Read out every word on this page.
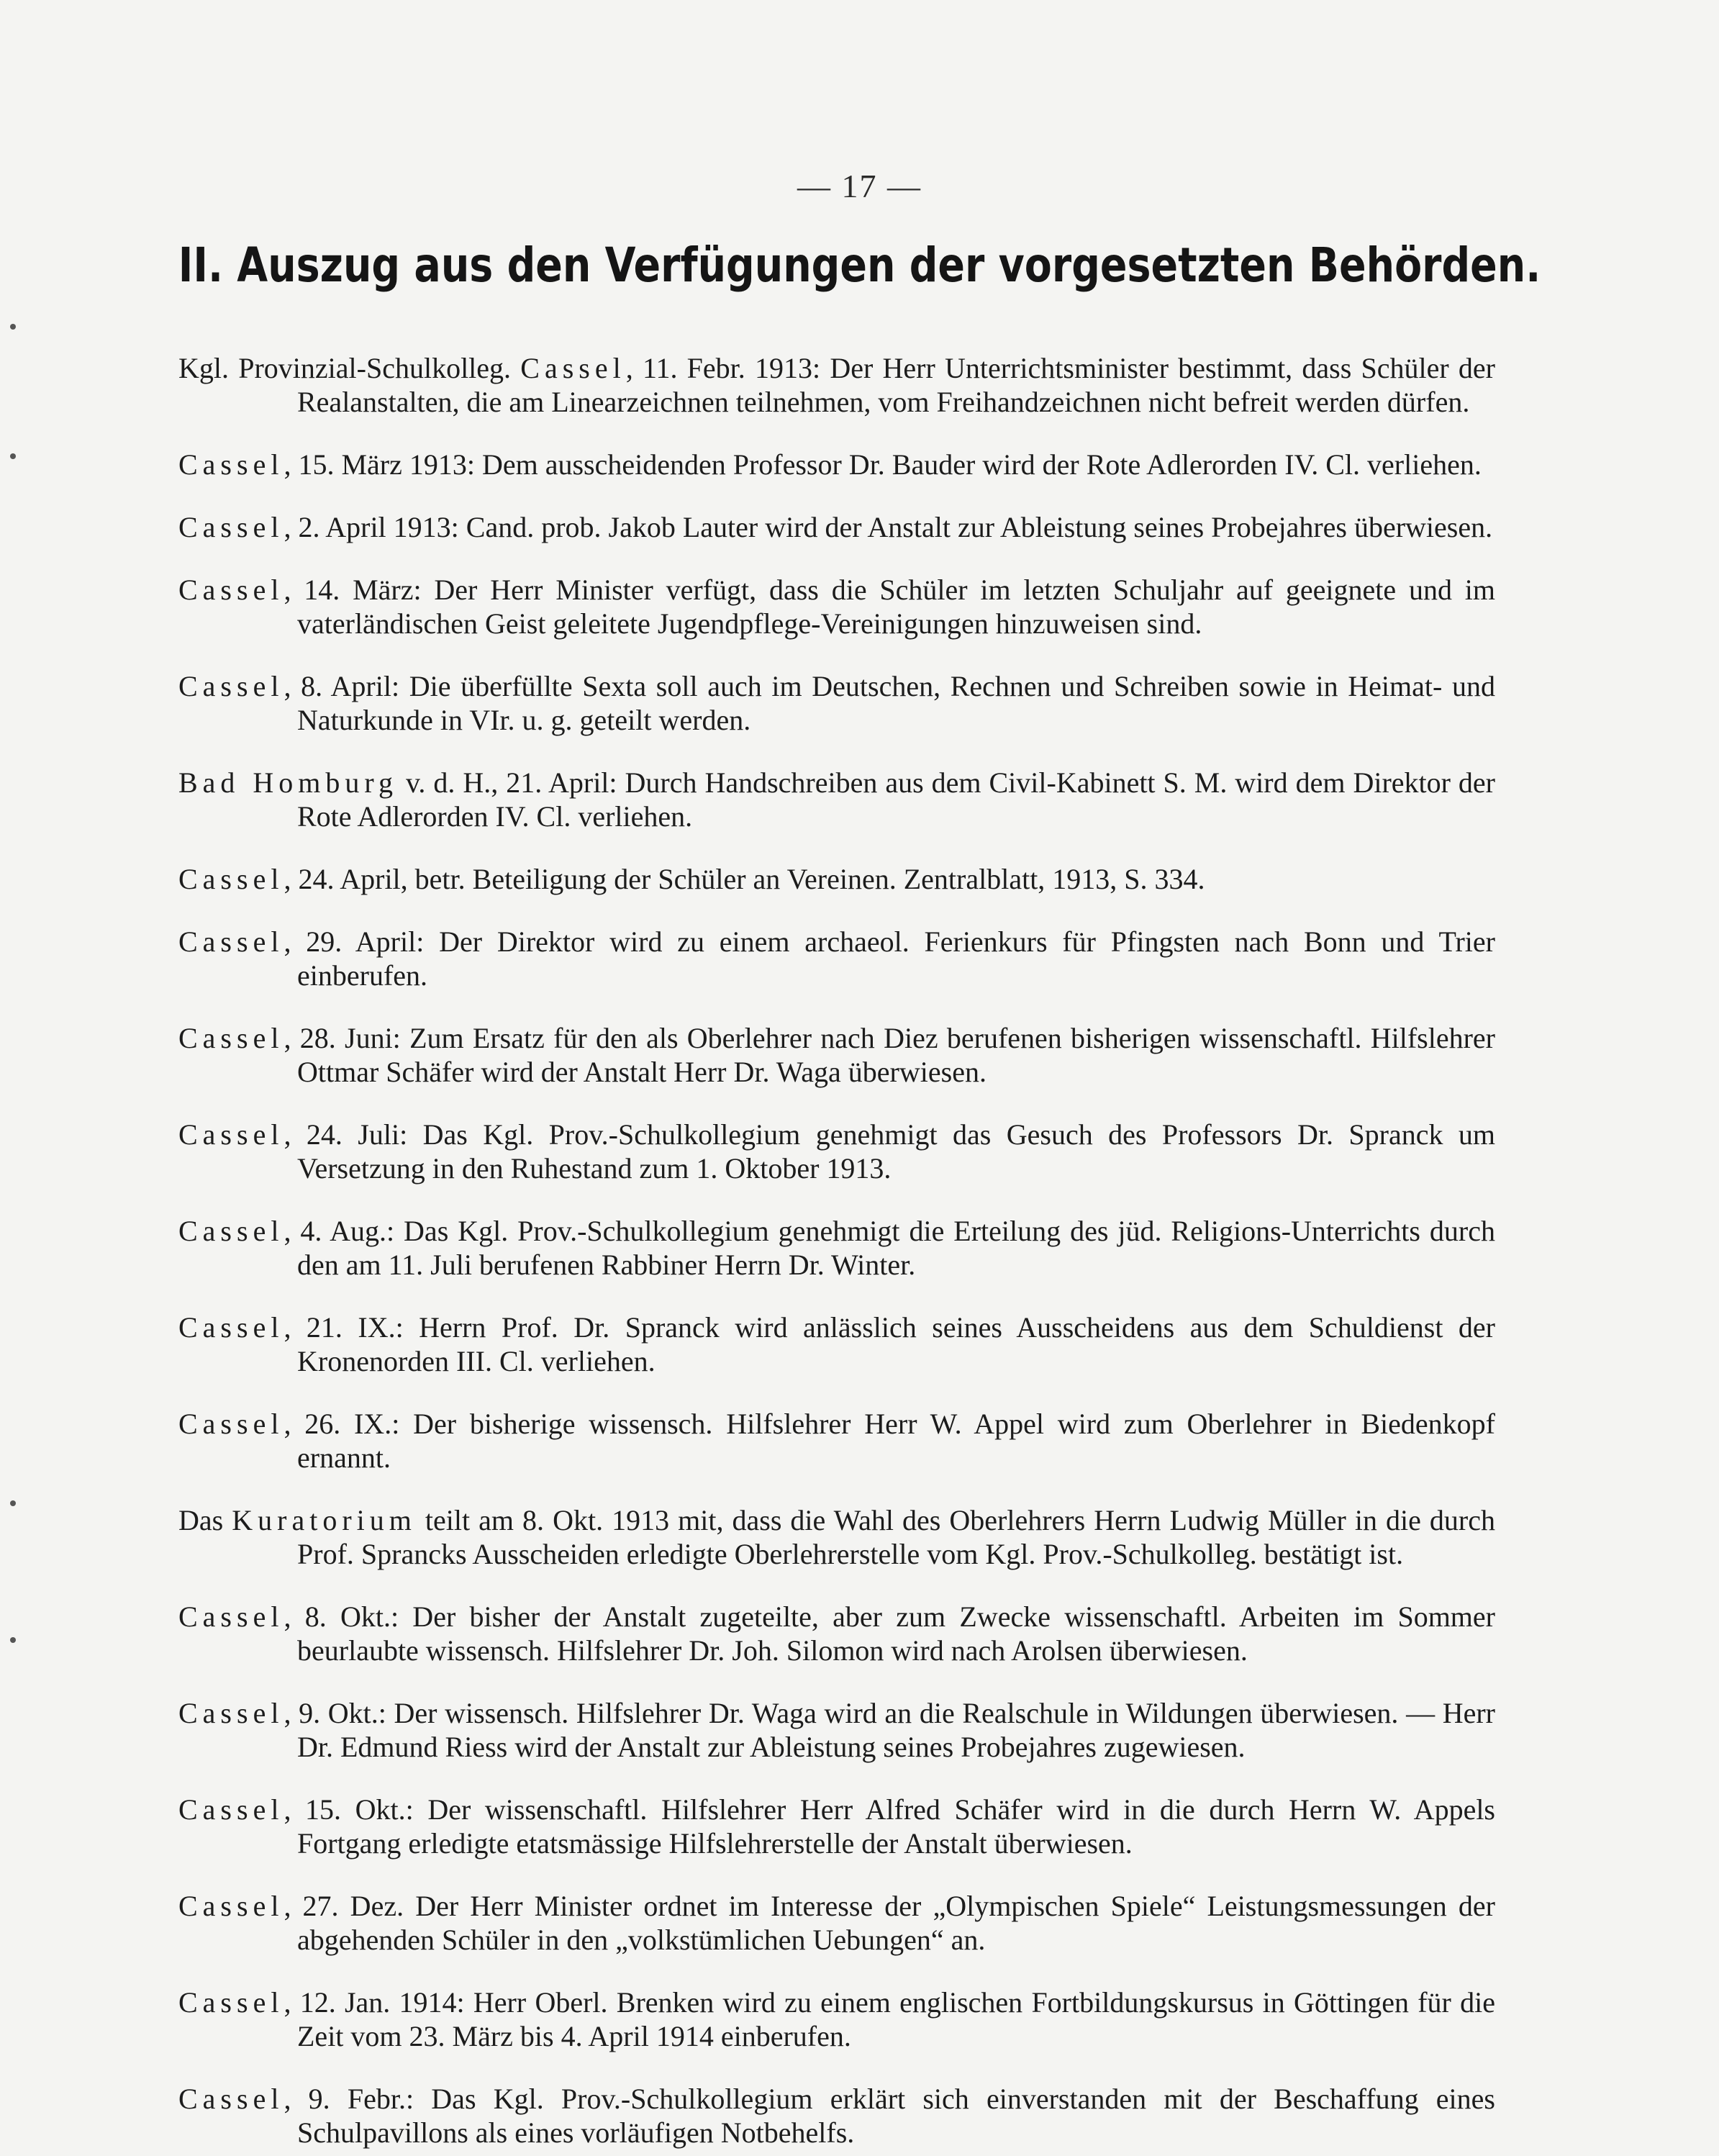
— 17 —
II. Auszug aus den Verfügungen der vorgesetzten Behörden.

Kgl. Provinzial-Schulkolleg. Cassel, 11. Febr. 1913: Der Herr Unterrichtsminister bestimmt, dass Schüler der Realanstalten, die am Linearzeichnen teilnehmen, vom Freihandzeichnen nicht befreit werden dürfen.

Cassel, 15. März 1913: Dem ausscheidenden Professor Dr. Bauder wird der Rote Adlerorden IV. Cl. verliehen.

Cassel, 2. April 1913: Cand. prob. Jakob Lauter wird der Anstalt zur Ableistung seines Probejahres überwiesen.

Cassel, 14. März: Der Herr Minister verfügt, dass die Schüler im letzten Schuljahr auf geeignete und im vaterländischen Geist geleitete Jugendpflege-Vereinigungen hinzuweisen sind.

Cassel, 8. April: Die überfüllte Sexta soll auch im Deutschen, Rechnen und Schreiben sowie in Heimat- und Naturkunde in VIr. u. g. geteilt werden.

Bad Homburg v. d. H., 21. April: Durch Handschreiben aus dem Civil-Kabinett S. M. wird dem Direktor der Rote Adlerorden IV. Cl. verliehen.

Cassel, 24. April, betr. Beteiligung der Schüler an Vereinen. Zentralblatt, 1913, S. 334.

Cassel, 29. April: Der Direktor wird zu einem archaeol. Ferienkurs für Pfingsten nach Bonn und Trier einberufen.

Cassel, 28. Juni: Zum Ersatz für den als Oberlehrer nach Diez berufenen bisherigen wissenschaftl. Hilfslehrer Ottmar Schäfer wird der Anstalt Herr Dr. Waga überwiesen.

Cassel, 24. Juli: Das Kgl. Prov.-Schulkollegium genehmigt das Gesuch des Professors Dr. Spranck um Versetzung in den Ruhestand zum 1. Oktober 1913.

Cassel, 4. Aug.: Das Kgl. Prov.-Schulkollegium genehmigt die Erteilung des jüd. Religions-Unterrichts durch den am 11. Juli berufenen Rabbiner Herrn Dr. Winter.

Cassel, 21. IX.: Herrn Prof. Dr. Spranck wird anlässlich seines Ausscheidens aus dem Schuldienst der Kronenorden III. Cl. verliehen.

Cassel, 26. IX.: Der bisherige wissensch. Hilfslehrer Herr W. Appel wird zum Oberlehrer in Biedenkopf ernannt.

Das Kuratorium teilt am 8. Okt. 1913 mit, dass die Wahl des Oberlehrers Herrn Ludwig Müller in die durch Prof. Sprancks Ausscheiden erledigte Oberlehrerstelle vom Kgl. Prov.-Schulkolleg. bestätigt ist.

Cassel, 8. Okt.: Der bisher der Anstalt zugeteilte, aber zum Zwecke wissenschaftl. Arbeiten im Sommer beurlaubte wissensch. Hilfslehrer Dr. Joh. Silomon wird nach Arolsen überwiesen.

Cassel, 9. Okt.: Der wissensch. Hilfslehrer Dr. Waga wird an die Realschule in Wildungen überwiesen. — Herr Dr. Edmund Riess wird der Anstalt zur Ableistung seines Probejahres zugewiesen.

Cassel, 15. Okt.: Der wissenschaftl. Hilfslehrer Herr Alfred Schäfer wird in die durch Herrn W. Appels Fortgang erledigte etatsmässige Hilfslehrerstelle der Anstalt überwiesen.

Cassel, 27. Dez. Der Herr Minister ordnet im Interesse der „Olympischen Spiele“ Leistungsmessungen der abgehenden Schüler in den „volkstümlichen Uebungen“ an.

Cassel, 12. Jan. 1914: Herr Oberl. Brenken wird zu einem englischen Fortbildungskursus in Göttingen für die Zeit vom 23. März bis 4. April 1914 einberufen.

Cassel, 9. Febr.: Das Kgl. Prov.-Schulkollegium erklärt sich einverstanden mit der Beschaffung eines Schulpavillons als eines vorläufigen Notbehelfs.
